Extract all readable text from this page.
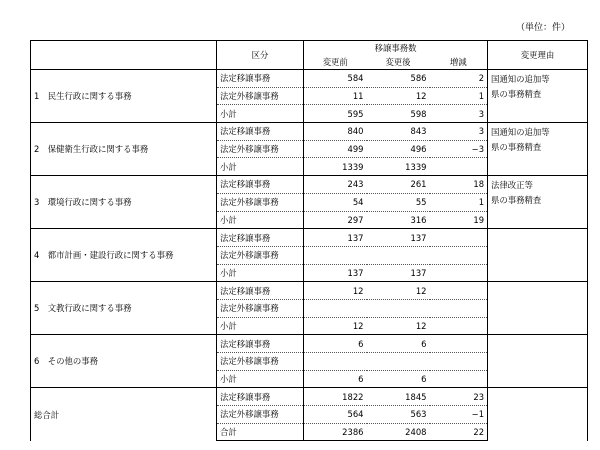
（単位：件）
	区分	移譲事務数			変更理由
		変更前	変更後	増減	
1　民生行政に関する事務	法定移譲事務	584	586	2	国通知の追加等
県の事務精査

	法定外移譲事務	11	12	1	
	小計	595	598	3	
2　保健衛生行政に関する事務	法定移譲事務	840	843	3	国通知の追加等
県の事務精査

	法定外移譲事務	499	496	−3	
	小計	1339	1339		
3　環境行政に関する事務	法定移譲事務	243	261	18	法律改正等
県の事務精査

	法定外移譲事務	54	55	1	
	小計	297	316	19	
4　都市計画・建設行政に関する事務	法定移譲事務	137	137		
	法定外移譲事務				
	小計	137	137		
5　文教行政に関する事務	法定移譲事務	12	12		
	法定外移譲事務				
	小計	12	12		
6　その他の事務	法定移譲事務	6	6		
	法定外移譲事務				
	小計	6	6		
総合計	法定移譲事務	1822	1845	23	
	法定外移譲事務	564	563	−1	
	合計	2386	2408	22	
